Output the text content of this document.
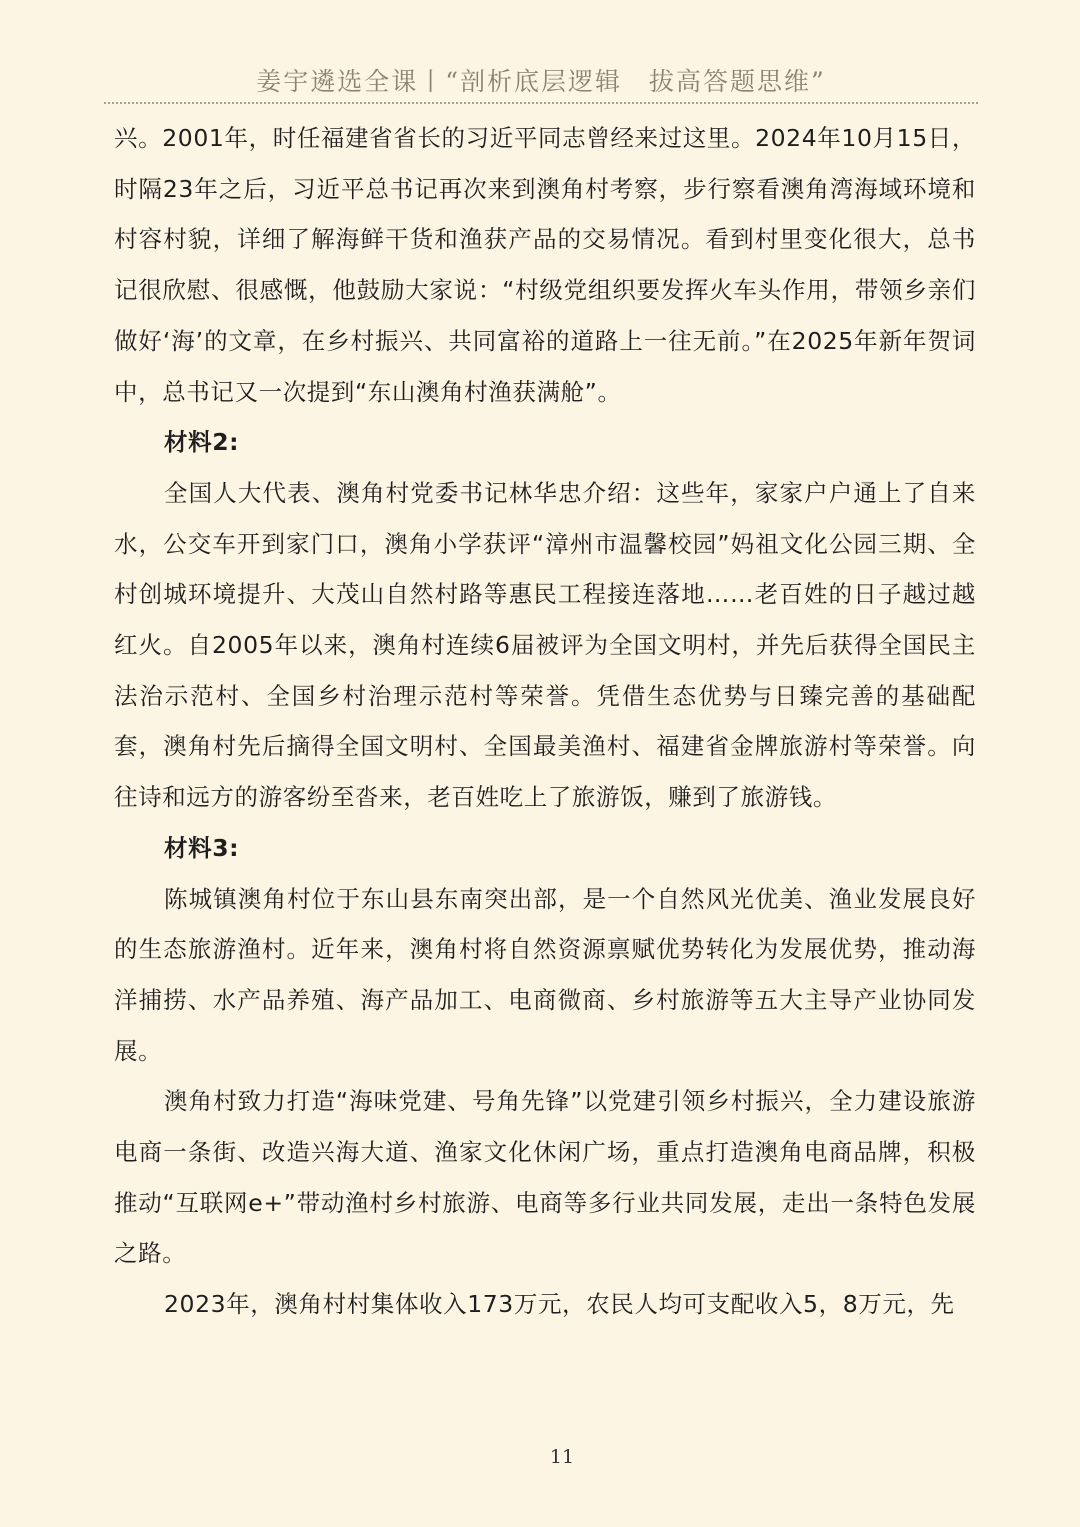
姜宇遴选全课丨“剖析底层逻辑　拔高答题思维”

兴。2001年，时任福建省省长的习近平同志曾经来过这里。2024年10月15日，时隔23年之后，习近平总书记再次来到澳角村考察，步行察看澳角湾海域环境和村容村貌，详细了解海鲜干货和渔获产品的交易情况。看到村里变化很大，总书记很欣慰、很感慨，他鼓励大家说：“村级党组织要发挥火车头作用，带领乡亲们做好‘海’的文章，在乡村振兴、共同富裕的道路上一往无前。”在2025年新年贺词中，总书记又一次提到“东山澳角村渔获满舱”。

材料2:

全国人大代表、澳角村党委书记林华忠介绍：这些年，家家户户通上了自来水，公交车开到家门口，澳角小学获评“漳州市温馨校园”妈祖文化公园三期、全村创城环境提升、大茂山自然村路等惠民工程接连落地……老百姓的日子越过越红火。自2005年以来，澳角村连续6届被评为全国文明村，并先后获得全国民主法治示范村、全国乡村治理示范村等荣誉。凭借生态优势与日臻完善的基础配套，澳角村先后摘得全国文明村、全国最美渔村、福建省金牌旅游村等荣誉。向往诗和远方的游客纷至沓来，老百姓吃上了旅游饭，赚到了旅游钱。

材料3:

陈城镇澳角村位于东山县东南突出部，是一个自然风光优美、渔业发展良好的生态旅游渔村。近年来，澳角村将自然资源禀赋优势转化为发展优势，推动海洋捕捞、水产品养殖、海产品加工、电商微商、乡村旅游等五大主导产业协同发展。

澳角村致力打造“海味党建、号角先锋”以党建引领乡村振兴，全力建设旅游电商一条街、改造兴海大道、渔家文化休闲广场，重点打造澳角电商品牌，积极推动“互联网e+”带动渔村乡村旅游、电商等多行业共同发展，走出一条特色发展之路。

2023年，澳角村村集体收入173万元，农民人均可支配收入5，8万元，先

11
